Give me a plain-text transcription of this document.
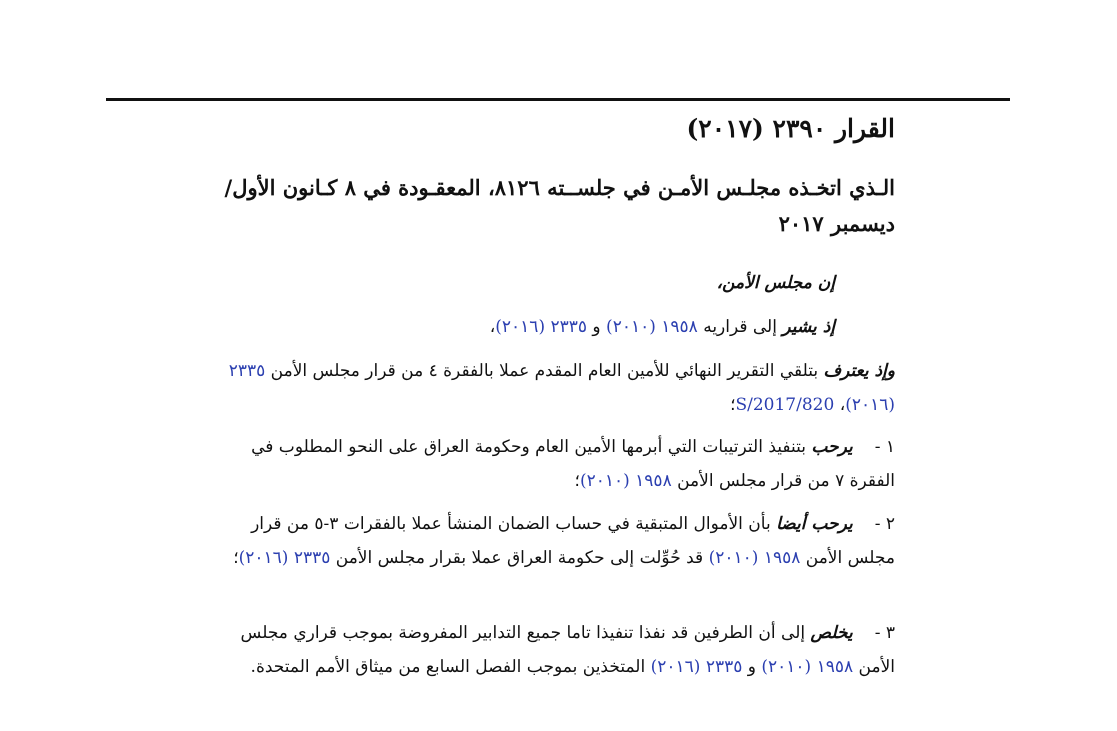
القرار ٢٣٩٠ (٢٠١٧)
الـذي اتخـذه مجلـس الأمـن في جلســته ٨١٢٦، المعقـودة في ٨ كـانون الأول/ ديسمبر ٢٠١٧
إن مجلس الأمن،
إذ يشير إلى قراريه ١٩٥٨ (٢٠١٠) و ٢٣٣٥ (٢٠١٦)،
وإذ يعترف بتلقي التقرير النهائي للأمين العام المقدم عملا بالفقرة ٤ من قرار مجلس الأمن ٢٣٣٥ (٢٠١٦)، S/2017/820؛
١ -يرحب بتنفيذ الترتيبات التي أبرمها الأمين العام وحكومة العراق على النحو المطلوب في الفقرة ٧ من قرار مجلس الأمن ١٩٥٨ (٢٠١٠)؛
٢ -يرحب أيضا بأن الأموال المتبقية في حساب الضمان المنشأ عملا بالفقرات ٣-٥ من قرار مجلس الأمن ١٩٥٨ (٢٠١٠) قد حُوِّلت إلى حكومة العراق عملا بقرار مجلس الأمن ٢٣٣٥ (٢٠١٦)؛
٣ -يخلص إلى أن الطرفين قد نفذا تنفيذا تاما جميع التدابير المفروضة بموجب قراري مجلس الأمن ١٩٥٨ (٢٠١٠) و ٢٣٣٥ (٢٠١٦) المتخذين بموجب الفصل السابع من ميثاق الأمم المتحدة.
